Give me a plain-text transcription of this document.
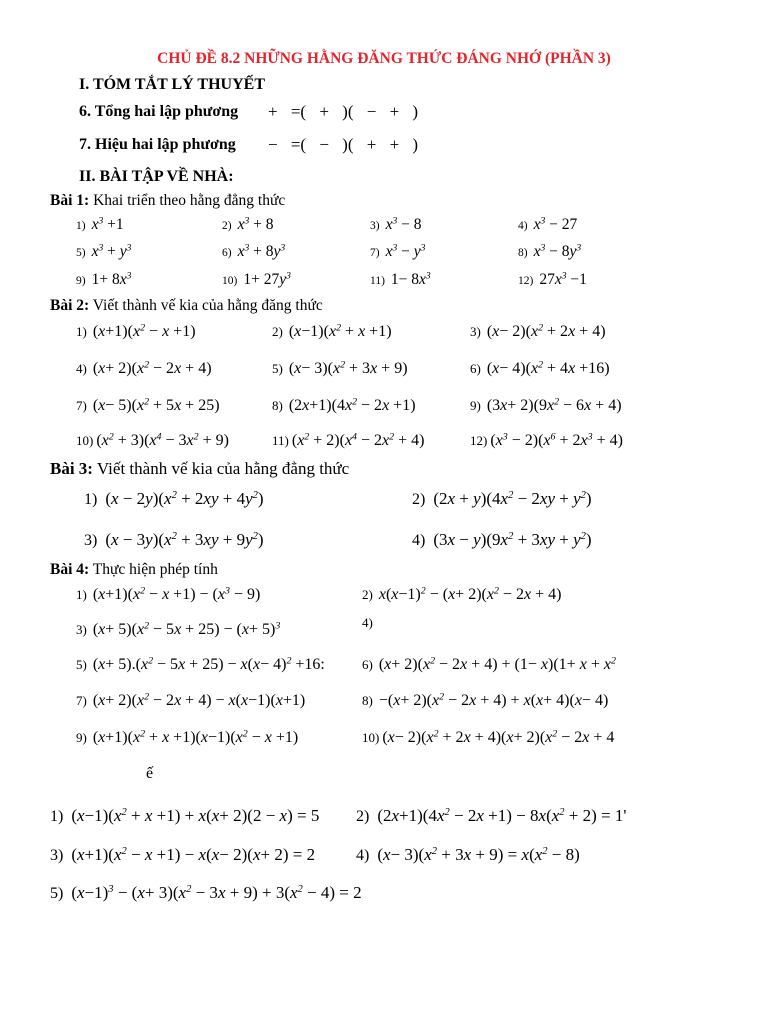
CHỦ ĐỀ 8.2 NHỮNG HẰNG ĐĂNG THỨC ĐÁNG NHỚ (PHẦN 3)
I. TÓM TẮT LÝ THUYẾT
6. Tổng hai lập phương + =( + )( − + )
7. Hiệu hai lập phương − =( − )( + + )
II. BÀI TẬP VỀ NHÀ:
Bài 1: Khai triển theo hằng đẳng thức
1) $x^3 +1$	2) $x^3 + 8$	3) $x^3 - 8$	4) $x^3 - 27$
5) $x^3 + y^3$	6) $x^3 + 8y^3$	7) $x^3 - y^3$	8) $x^3 - 8y^3$
9) $1+ 8x^3$	10) $1+ 27y^3$	11) $1- 8x^3$	12) $27x^3 -1$
Bài 2: Viết thành vế kia của hằng đăng thức
1) $(x+1)(x^2 - x +1)$	2) $(x-1)(x^2 + x +1)$	3) $(x- 2)(x^2 + 2x + 4)$
4) $(x+ 2)(x^2 - 2x + 4)$	5) $(x- 3)(x^2 + 3x + 9)$	6) $(x- 4)(x^2 + 4x +16)$
7) $(x- 5)(x^2 + 5x + 25)$	8) $(2x+1)(4x^2 - 2x +1)$	9) $(3x+ 2)(9x^2 - 6x + 4)$
10) $(x^2 + 3)(x^4 - 3x^2 + 9)$	11) $(x^2 + 2)(x^4 - 2x^2 + 4)$	12) $(x^3 - 2)(x^6 + 2x^3 + 4)$
Bài 3: Viết thành vế kia của hằng đẳng thức
1) $(x - 2y)(x^2 + 2xy + 4y^2)$	2) $(2x + y)(4x^2 - 2xy + y^2)$
3) $(x - 3y)(x^2 + 3xy + 9y^2)$	4) $(3x - y)(9x^2 + 3xy + y^2)$
Bài 4: Thực hiện phép tính
1) $(x+1)(x^2 - x +1) - (x^3 - 9)$	2) $x(x-1)^2 - (x+ 2)(x^2 - 2x + 4)$
3) $(x+ 5)(x^2 - 5x + 25) - (x+ 5)^3$	4)
5) $(x+ 5).(x^2 - 5x + 25) - x(x- 4)^2 +16$:	6) $(x+ 2)(x^2 - 2x + 4) + (1- x)(1+ x + x^2$
7) $(x+ 2)(x^2 - 2x + 4) - x(x-1)(x+1)$	$8) -(x+ 2)(x^2 - 2x + 4) + x(x+ 4)(x- 4)$
9) $(x+1)(x^2 + x +1)(x-1)(x^2 - x +1)$	10) $(x- 2)(x^2 + 2x + 4)(x+ 2)(x^2 - 2x + 4$
ế
1) $(x-1)(x^2 + x +1) + x(x+ 2)(2 - x) = 5$ 2) $(2x+1)(4x^2 - 2x +1) - 8x(x^2 + 2) = 1'$
3) $(x+1)(x^2 - x +1) - x(x- 2)(x+ 2) = 2$	4) $(x- 3)(x^2 + 3x + 9) = x(x^2 - 8)$
5) $(x-1)^3 - (x+ 3)(x^2 - 3x + 9) + 3(x^2 - 4) = 2$
